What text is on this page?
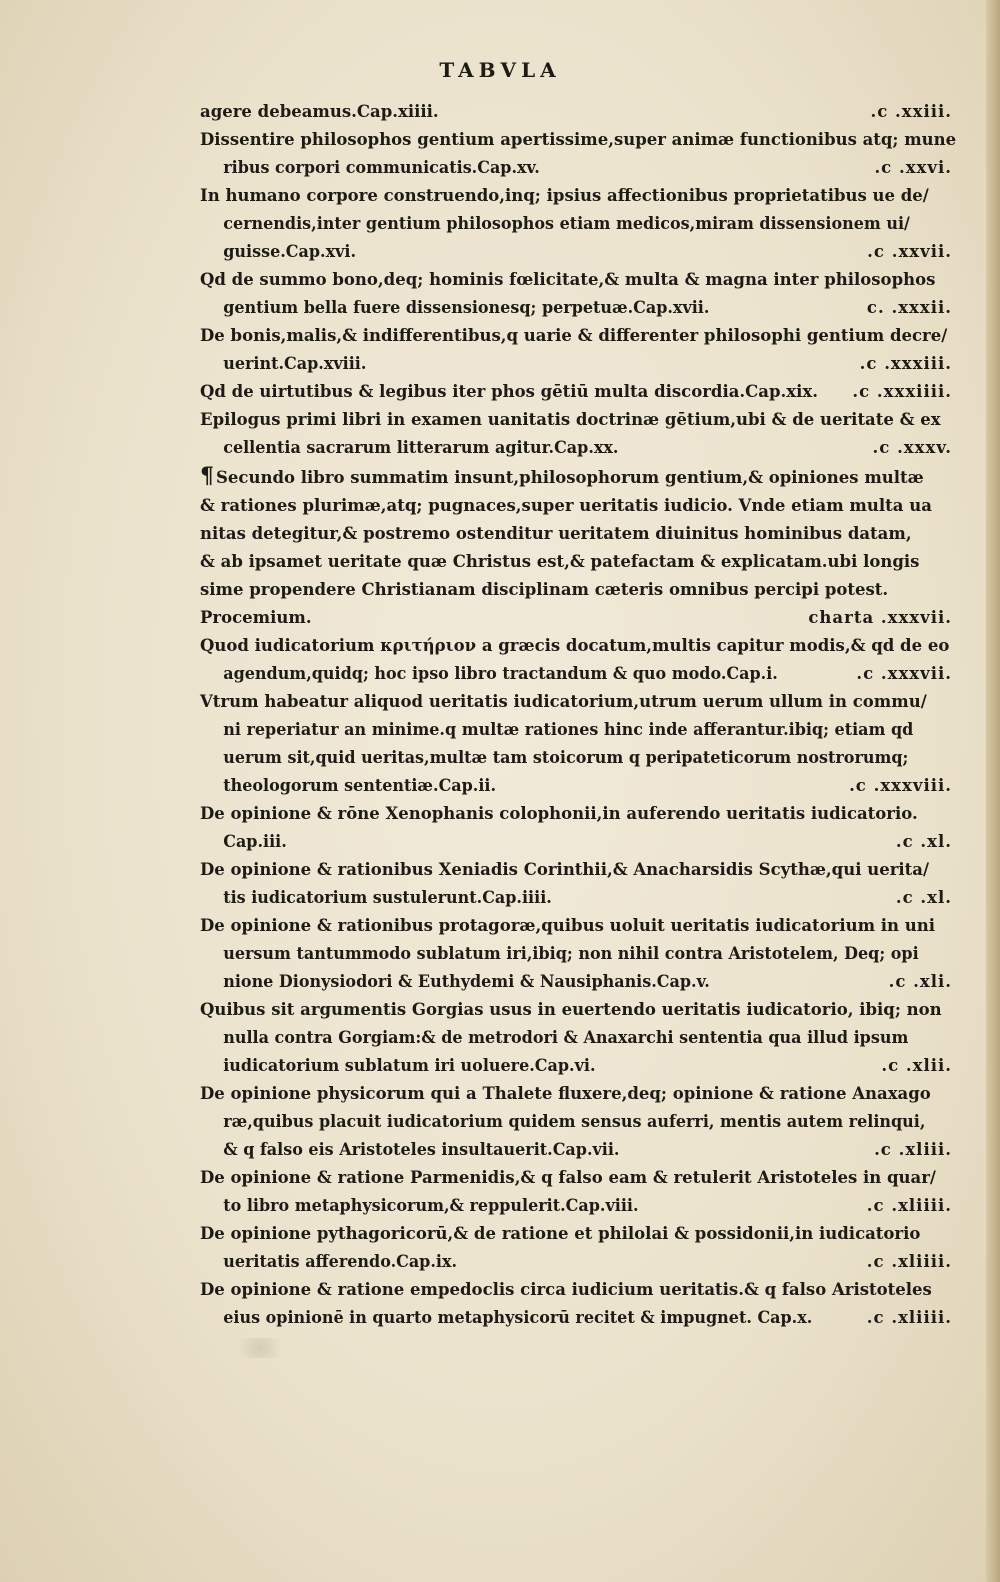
TABVLA
agere debeamus.Cap.xiiii.	.c .xxiii.
Dissentire philosophos gentium apertissime,super animæ functionibus atq; mune
ribus corpori communicatis.Cap.xv.	.c .xxvi.
In humano corpore construendo,inq; ipsius affectionibus proprietatibus ue de/
cernendis,inter gentium philosophos etiam medicos,miram dissensionem ui/
guisse.Cap.xvi.	.c .xxvii.
Qd de summo bono,deq; hominis fœlicitate,& multa & magna inter philosophos
gentium bella fuere dissensionesq; perpetuæ.Cap.xvii.	c. .xxxii.
De bonis,malis,& indifferentibus,q uarie & differenter philosophi gentium decre/
uerint.Cap.xviii.	.c .xxxiii.
Qd de uirtutibus & legibus iter phos gētiū multa discordia.Cap.xix.	.c .xxxiiii.
Epilogus primi libri in examen uanitatis doctrinæ gētium,ubi & de ueritate & ex
cellentia sacrarum litterarum agitur.Cap.xx.	.c .xxxv.
¶ Secundo libro summatim insunt,philosophorum gentium,& opiniones multæ
& rationes plurimæ,atq; pugnaces,super ueritatis iudicio. Vnde etiam multa ua
nitas detegitur,& postremo ostenditur ueritatem diuinitus hominibus datam,
& ab ipsamet ueritate quæ Christus est,& patefactam & explicatam.ubi longis
sime propendere Christianam disciplinam cæteris omnibus percipi potest.
Procemium.	charta .xxxvii.
Quod iudicatorium κριτήριον a græcis docatum,multis capitur modis,& qd de eo
agendum,quidq; hoc ipso libro tractandum & quo modo.Cap.i.	.c .xxxvii.
Vtrum habeatur aliquod ueritatis iudicatorium,utrum uerum ullum in commu/
ni reperiatur an minime.q multæ rationes hinc inde afferantur.ibiq; etiam qd
uerum sit,quid ueritas,multæ tam stoicorum q peripateticorum nostrorumq;
theologorum sententiæ.Cap.ii.	.c .xxxviii.
De opinione & rōne Xenophanis colophonii,in auferendo ueritatis iudicatorio.
Cap.iii.	.c .xl.
De opinione & rationibus Xeniadis Corinthii,& Anacharsidis Scythæ,qui uerita/
tis iudicatorium sustulerunt.Cap.iiii.	.c .xl.
De opinione & rationibus protagoræ,quibus uoluit ueritatis iudicatorium in uni
uersum tantummodo sublatum iri,ibiq; non nihil contra Aristotelem, Deq; opi
nione Dionysiodori & Euthydemi & Nausiphanis.Cap.v.	.c .xli.
Quibus sit argumentis Gorgias usus in euertendo ueritatis iudicatorio, ibiq; non
nulla contra Gorgiam:& de metrodori & Anaxarchi sententia qua illud ipsum
iudicatorium sublatum iri uoluere.Cap.vi.	.c .xlii.
De opinione physicorum qui a Thalete fluxere,deq; opinione & ratione Anaxago
ræ,quibus placuit iudicatorium quidem sensus auferri, mentis autem relinqui,
& q falso eis Aristoteles insultauerit.Cap.vii.	.c .xliii.
De opinione & ratione Parmenidis,& q falso eam & retulerit Aristoteles in quar/
to libro metaphysicorum,& reppulerit.Cap.viii.	.c .xliiii.
De opinione pythagoricorū,& de ratione et philolai & possidonii,in iudicatorio
ueritatis afferendo.Cap.ix.	.c .xliiii.
De opinione & ratione empedoclis circa iudicium ueritatis.& q falso Aristoteles
eius opinionē in quarto metaphysicorū recitet & impugnet. Cap.x.	.c .xliiii.
